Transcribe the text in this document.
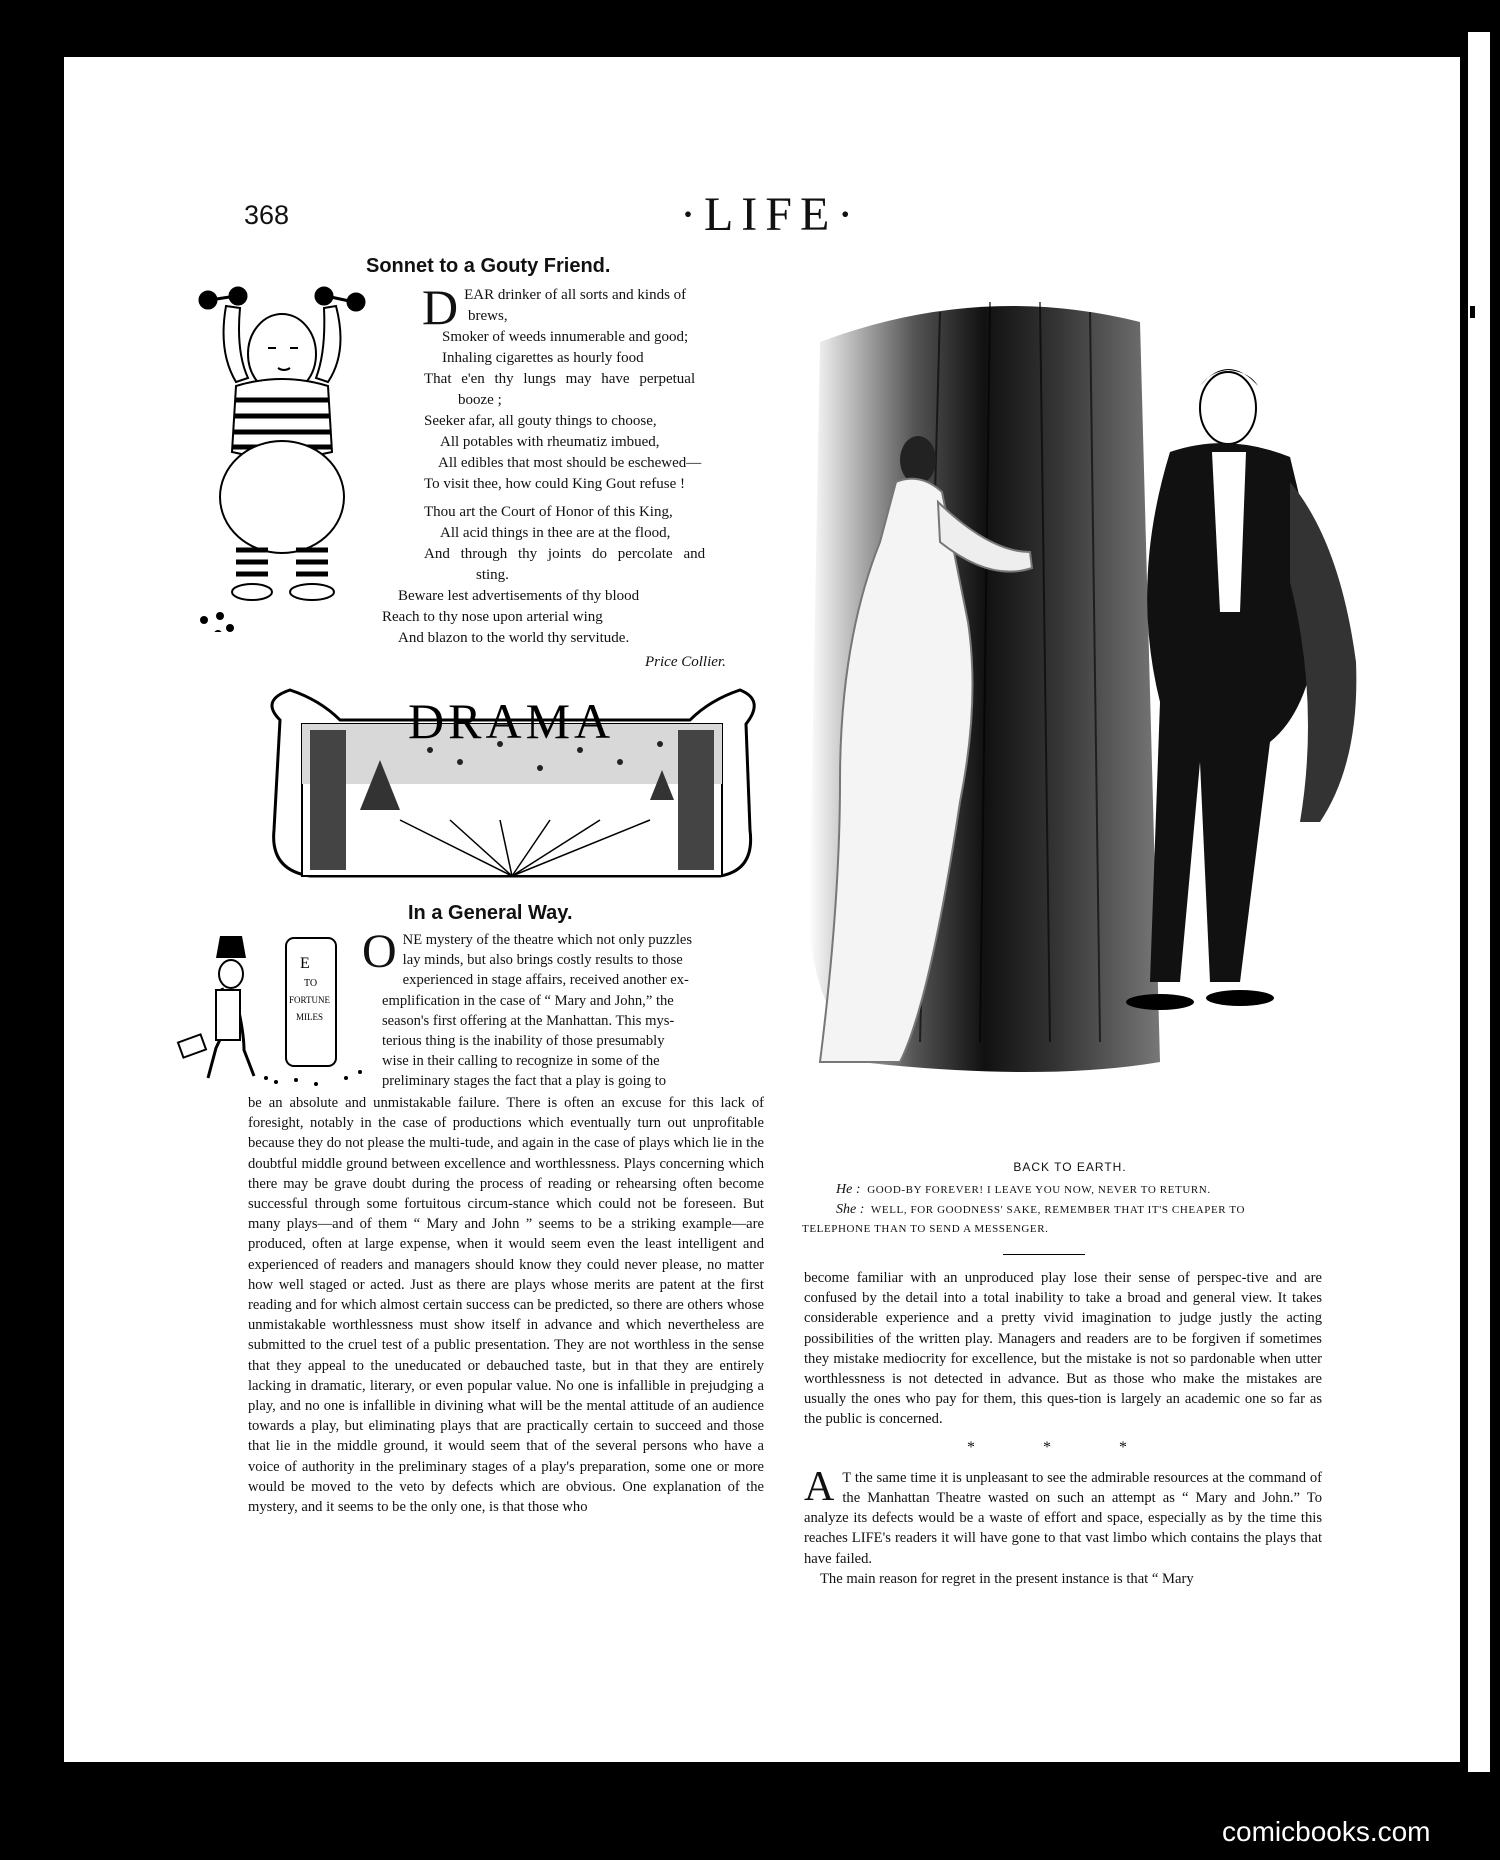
368	·LIFE·
Sonnet to a Gouty Friend.
D EAR drinker of all sorts and kinds of
brews,
Smoker of weeds innumerable and good;
Inhaling cigarettes as hourly food
That e'en thy lungs may have perpetual
booze ;
Seeker afar, all gouty things to choose,
All potables with rheumatiz imbued,
All edibles that most should be eschewed—
To visit thee, how could King Gout refuse !
Thou art the Court of Honor of this King,
All acid things in thee are at the flood,
And through thy joints do percolate and
sting.
Beware lest advertisements of thy blood
Reach to thy nose upon arterial wing
And blazon to the world thy servitude.
Price Collier.
DRAMA
In a General Way.
E
TO
FORTUNE
MILES
O NE mystery of the theatre which not only puzzles
lay minds, but also brings costly results to those
experienced in stage affairs, received another ex-
emplification in the case of “ Mary and John,” the
season's first offering at the Manhattan. This mys-
terious thing is the inability of those presumably
wise in their calling to recognize in some of the
preliminary stages the fact that a play is going to

be an absolute and unmistakable failure. There is often an excuse for this lack of foresight, notably in the case of productions which eventually turn out unprofitable because they do not please the multi-tude, and again in the case of plays which lie in the doubtful middle ground between excellence and worthlessness. Plays concerning which there may be grave doubt during the process of reading or rehearsing often become successful through some fortuitous circum-stance which could not be foreseen. But many plays—and of them “ Mary and John ” seems to be a striking example—are produced, often at large expense, when it would seem even the least intelligent and experienced of readers and managers should know they could never please, no matter how well staged or acted. Just as there are plays whose merits are patent at the first reading and for which almost certain success can be predicted, so there are others whose unmistakable worthlessness must show itself in advance and which nevertheless are submitted to the cruel test of a public presentation. They are not worthless in the sense that they appeal to the uneducated or debauched taste, but in that they are entirely lacking in dramatic, literary, or even popular value. No one is infallible in prejudging a play, and no one is infallible in divining what will be the mental attitude of an audience towards a play, but eliminating plays that are practically certain to succeed and those that lie in the middle ground, it would seem that of the several persons who have a voice of authority in the preliminary stages of a play's preparation, some one or more would be moved to the veto by defects which are obvious. One explanation of the mystery, and it seems to be the only one, is that those who

BACK TO EARTH.
He : GOOD-BY FOREVER! I LEAVE YOU NOW, NEVER TO RETURN.
She : WELL, FOR GOODNESS' SAKE, REMEMBER THAT IT'S CHEAPER TO
TELEPHONE THAN TO SEND A MESSENGER.

become familiar with an unproduced play lose their sense of perspec-tive and are confused by the detail into a total inability to take a broad and general view. It takes considerable experience and a pretty vivid imagination to judge justly the acting possibilities of the written play. Managers and readers are to be forgiven if sometimes they mistake mediocrity for excellence, but the mistake is not so pardonable when utter worthlessness is not detected in advance. But as those who make the mistakes are usually the ones who pay for them, this ques-tion is largely an academic one so far as the public is concerned.

* * *

A T the same time it is unpleasant to see the admirable resources at the command of the Manhattan Theatre wasted on such an attempt as “ Mary and John.” To analyze its defects would be a waste of effort and space, especially as by the time this reaches LIFE's readers it will have gone to that vast limbo which contains the plays that have failed.

The main reason for regret in the present instance is that “ Mary

comicbooks.com
